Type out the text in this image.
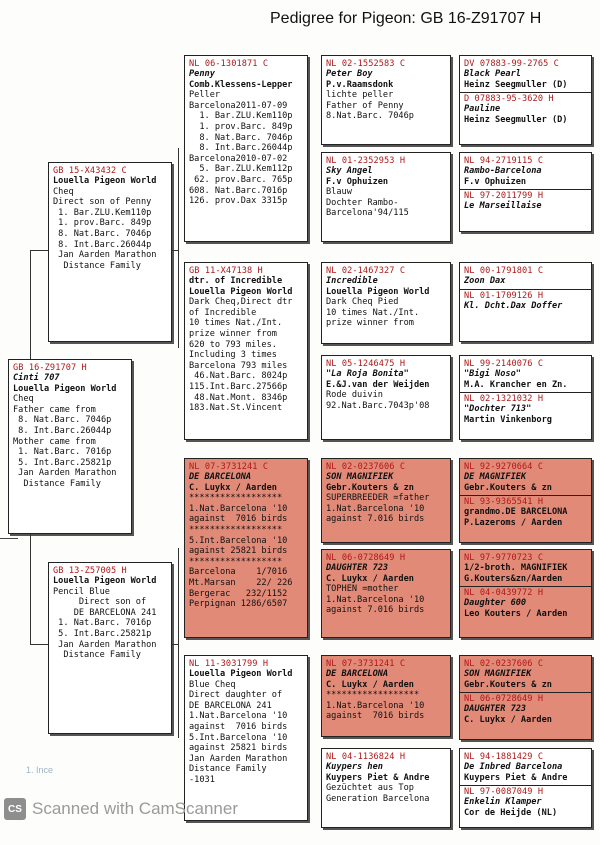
Pedigree for Pigeon: GB 16-Z91707 H
GB 16-Z91707 H
Cinti 707
Louella Pigeon World
Cheq
Father came from
8. Nat.Barc. 7046p
8. Int.Barc.26044p
Mother came from
1. Nat.Barc. 7016p
5. Int.Barc.25821p
Jan Aarden Marathon
Distance Family
GB 15-X43432 C
Louella Pigeon World
Cheq
Direct son of Penny
1. Bar.ZLU.Kem110p
1. prov.Barc. 849p
8. Nat.Barc. 7046p
8. Int.Barc.26044p
Jan Aarden Marathon
Distance Family
GB 13-Z57005 H
Louella Pigeon World
Pencil Blue
Direct son of
DE BARCELONA 241
1. Nat.Barc. 7016p
5. Int.Barc.25821p
Jan Aarden Marathon
Distance Family
NL 06-1301871 C
Penny
Comb.Klessens-Lepper
Peller
Barcelona2011-07-09
1. Bar.ZLU.Kem110p
1. prov.Barc. 849p
8. Nat.Barc. 7046p
8. Int.Barc.26044p
Barcelona2010-07-02
5. Bar.ZLU.Kem112p
62. prov.Barc. 765p
608. Nat.Barc.7016p
126. prov.Dax 3315p
GB 11-X47138 H
dtr. of Incredible
Louella Pigeon World
Dark Cheq,Direct dtr
of Incredible
10 times Nat./Int.
prize winner from
620 to 793 miles.
Including 3 times
Barcelona 793 miles
46.Nat.Barc. 8024p
115.Int.Barc.27566p
48.Nat.Mont. 8346p
183.Nat.St.Vincent
NL 07-3731241 C
DE BARCELONA
C. Luykx / Aarden
******************
1.Nat.Barcelona '10
against  7016 birds
******************
5.Int.Barcelona '10
against 25821 birds
******************
Barcelona    1/7016
Mt.Marsan    22/ 226
Bergerac   232/1152
Perpignan 1286/6507
NL 11-3031799 H
Louella Pigeon World
Blue Cheq
Direct daughter of
DE BARCELONA 241
1.Nat.Barcelona '10
against  7016 birds
5.Int.Barcelona '10
against 25821 birds
Jan Aarden Marathon
Distance Family
-1031
NL 02-1552583 C
Peter Boy
P.v.Raamsdonk
lichte peller
Father of Penny
8.Nat.Barc. 7046p
NL 01-2352953 H
Sky Angel
F.v Ophuizen
Blauw
Dochter Rambo-
Barcelona'94/115
NL 02-1467327 C
Incredible
Louella Pigeon World
Dark Cheq Pied
10 times Nat./Int.
prize winner from
NL 05-1246475 H
"La Roja Bonita"
E.&J.van der Weijden
Rode duivin
92.Nat.Barc.7043p'08
NL 02-0237606 C
SON MAGNIFIEK
Gebr.Kouters & zn
SUPERBREEDER =father
1.Nat.Barcelona '10
against 7.016 birds
NL 06-0728649 H
DAUGHTER 723
C. Luykx / Aarden
TOPHEN =mother
1.Nat.Barcelona '10
against 7.016 birds
NL 07-3731241 C
DE BARCELONA
C. Luykx / Aarden
******************
1.Nat.Barcelona '10
against  7016 birds
NL 04-1136824 H
Kuypers hen
Kuypers Piet & Andre
Gezüchtet aus Top
Generation Barcelona
DV 07883-99-2765 C
Black Pearl
Heinz Seegmuller (D)
D 07883-95-3620 H
Pauline
Heinz Seegmuller (D)
NL 94-2719115 C
Rambo-Barcelona
F.v Ophuizen
NL 97-2011799 H
Le Marseillaise
NL 00-1791801 C
Zoon Dax
NL 01-1709126 H
Kl. Dcht.Dax Doffer
NL 99-2140076 C
"Bigi Noso"
M.A. Krancher en Zn.
NL 02-1321032 H
"Dochter 713"
Martin Vinkenborg
NL 92-9270664 C
DE MAGNIFIEK
Gebr.Kouters & zn
NL 93-9365541 H
grandmo.DE BARCELONA
P.Lazeroms / Aarden
NL 97-9770723 C
1/2-broth. MAGNIFIEK
G.Kouters&zn/Aarden
NL 04-0439772 H
Daughter 600
Leo Kouters / Aarden
NL 02-0237606 C
SON MAGNIFIEK
Gebr.Kouters & zn
NL 06-0728649 H
DAUGHTER 723
C. Luykx / Aarden
NL 94-1881429 C
De Inbred Barcelona
Kuypers Piet & Andre
NL 97-0087049 H
Enkelin Klamper
Cor de Heijde (NL)
1. Ince
CS Scanned with CamScanner
